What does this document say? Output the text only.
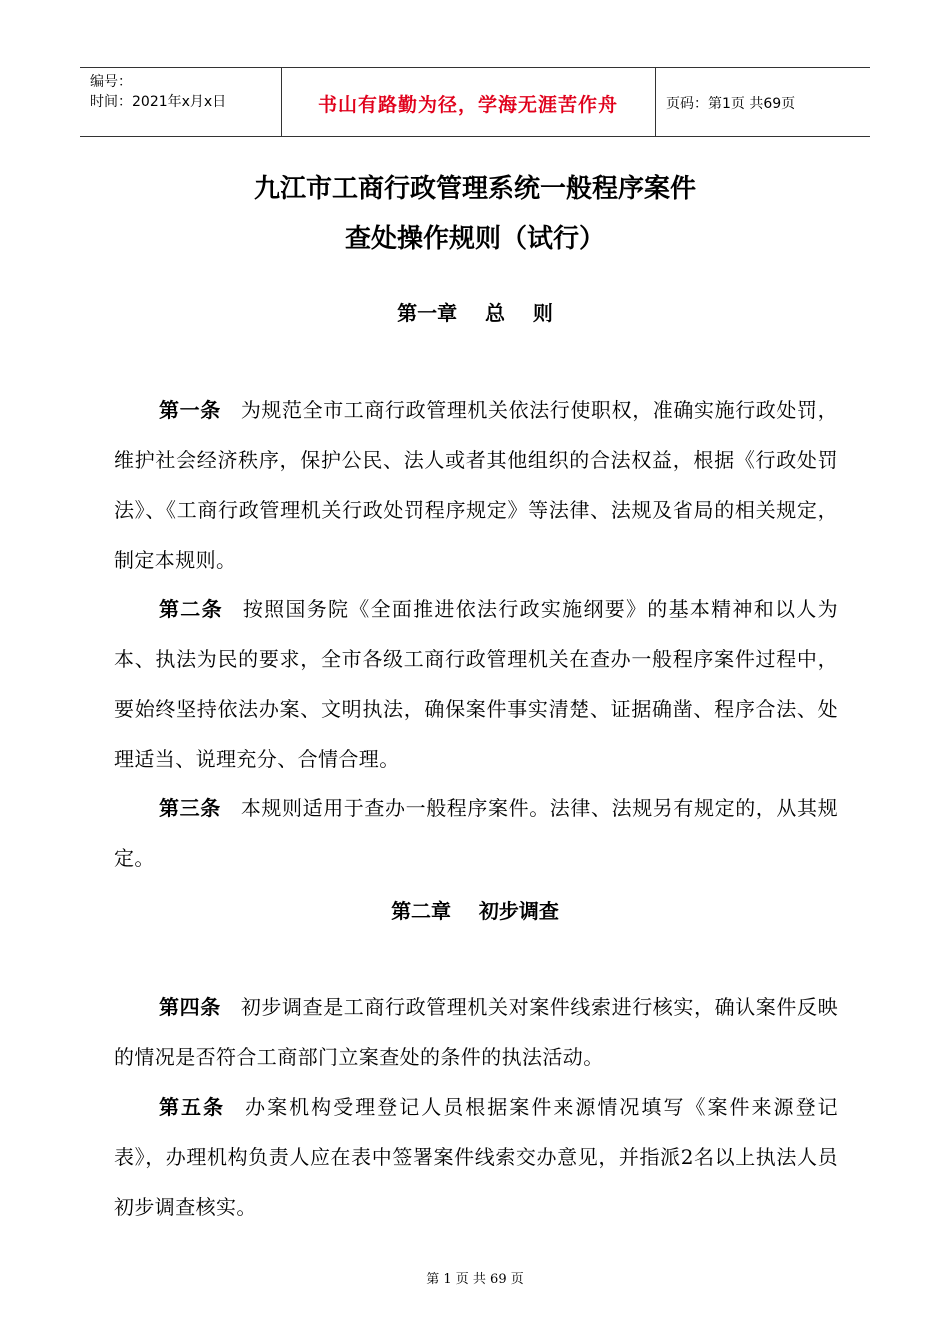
编号：
时间：2021年x月x日	书山有路勤为径，学海无涯苦作舟	页码：第1页 共69页
九江市工商行政管理系统一般程序案件
查处操作规则（试行）
第一章    总    则
第一条 为规范全市工商行政管理机关依法行使职权，准确实施行政处罚，维护社会经济秩序，保护公民、法人或者其他组织的合法权益，根据《行政处罚法》、《工商行政管理机关行政处罚程序规定》等法律、法规及省局的相关规定，制定本规则。
第二条 按照国务院《全面推进依法行政实施纲要》的基本精神和以人为本、执法为民的要求，全市各级工商行政管理机关在查办一般程序案件过程中，要始终坚持依法办案、文明执法，确保案件事实清楚、证据确凿、程序合法、处理适当、说理充分、合情合理。
第三条 本规则适用于查办一般程序案件。法律、法规另有规定的，从其规定。
第二章    初步调查
第四条 初步调查是工商行政管理机关对案件线索进行核实，确认案件反映的情况是否符合工商部门立案查处的条件的执法活动。
第五条 办案机构受理登记人员根据案件来源情况填写《案件来源登记表》，办理机构负责人应在表中签署案件线索交办意见，并指派2名以上执法人员初步调查核实。
第 1 页 共 69 页
